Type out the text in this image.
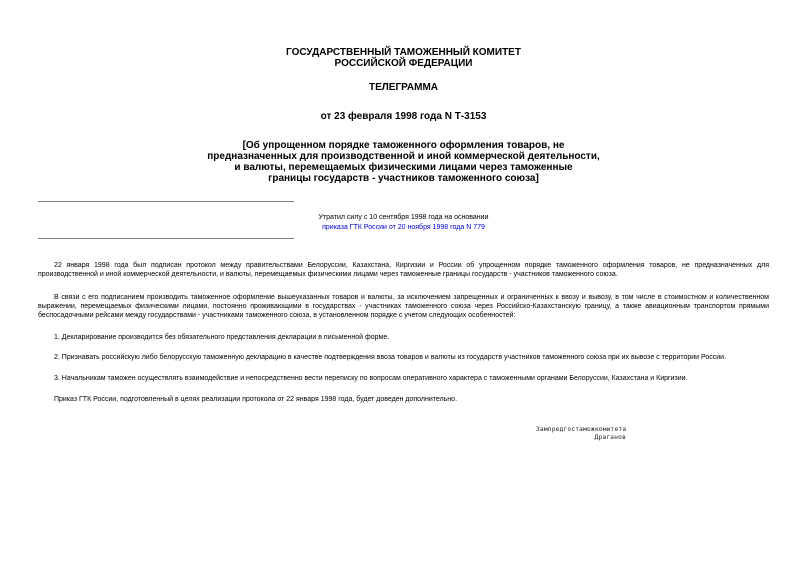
ГОСУДАРСТВЕННЫЙ ТАМОЖЕННЫЙ КОМИТЕТ
РОССИЙСКОЙ ФЕДЕРАЦИИ
ТЕЛЕГРАММА
от 23 февраля 1998 года N Т-3153
[Об упрощенном порядке таможенного оформления товаров, не
предназначенных для производственной и иной коммерческой деятельности,
и валюты, перемещаемых физическими лицами через таможенные
границы государств - участников таможенного союза]
Утратил силу с 10 сентября 1998 года на основании
приказа ГТК России от 20 ноября 1998 года N 779
22 января 1998 года был подписан протокол между правительствами Белоруссии, Казахстана, Киргизии и России об упрощенном порядке таможенного оформления товаров, не предназначенных для производственной и иной коммерческой деятельности, и валюты, перемещаемых физическими лицами через таможенные границы государств - участников таможенного союза.
В связи с его подписанием производить таможенное оформление вышеуказанных товаров и валюты, за исключением запрещенных и ограниченных к ввозу и вывозу, в том числе в стоимостном и количественном выражении, перемещаемых физическими лицами, постоянно проживающими в государствах - участниках таможенного союза через Российско-Казахстанскую границу, а также авиационным транспортом прямыми беспосадочными рейсами между государствами - участниками таможенного союза, в установленном порядке с учетом следующих особенностей:
1. Декларирование производится без обязательного представления декларации в письменной форме.
2. Признавать российскую либо белорусскую таможенную декларацию в качестве подтверждения ввоза товаров и валюты из государств участников таможенного союза при их вывозе с территории России.
3. Начальникам таможен осуществлять взаимодействие и непосредственно вести переписку по вопросам оперативного характера с таможенными органами Белоруссии, Казахстана и Киргизии.
Приказ ГТК России, подготовленный в целях реализации протокола от 22 января 1998 года, будет доведен дополнительно.
Зампредгостаможкомитета
Драганов
